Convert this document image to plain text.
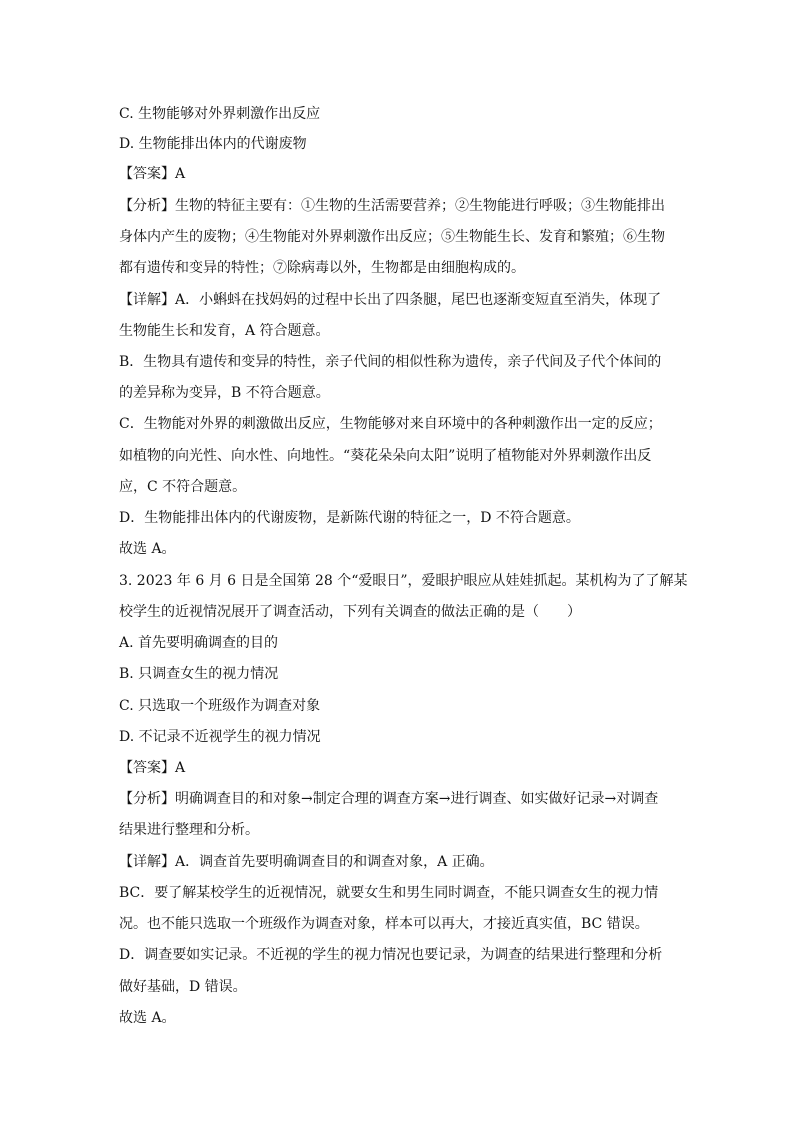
C. 生物能够对外界刺激作出反应
D. 生物能排出体内的代谢废物
【答案】A
【分析】生物的特征主要有：①生物的生活需要营养；②生物能进行呼吸；③生物能排出
身体内产生的废物；④生物能对外界刺激作出反应；⑤生物能生长、发育和繁殖；⑥生物
都有遗传和变异的特性；⑦除病毒以外，生物都是由细胞构成的。
【详解】A．小蝌蚪在找妈妈的过程中长出了四条腿，尾巴也逐渐变短直至消失，体现了
生物能生长和发育，A 符合题意。
B．生物具有遗传和变异的特性，亲子代间的相似性称为遗传，亲子代间及子代个体间的
的差异称为变异，B 不符合题意。
C．生物能对外界的刺激做出反应，生物能够对来自环境中的各种刺激作出一定的反应；
如植物的向光性、向水性、向地性。“葵花朵朵向太阳”说明了植物能对外界刺激作出反
应，C 不符合题意。
D．生物能排出体内的代谢废物，是新陈代谢的特征之一，D 不符合题意。
故选 A。
3. 2023 年 6 月 6 日是全国第 28 个“爱眼日”，爱眼护眼应从娃娃抓起。某机构为了了解某
校学生的近视情况展开了调查活动，下列有关调查的做法正确的是（　　）
A. 首先要明确调查的目的
B. 只调查女生的视力情况
C. 只选取一个班级作为调查对象
D. 不记录不近视学生的视力情况
【答案】A
【分析】明确调查目的和对象→制定合理的调查方案→进行调查、如实做好记录→对调查
结果进行整理和分析。
【详解】A．调查首先要明确调查目的和调查对象，A 正确。
BC．要了解某校学生的近视情况，就要女生和男生同时调查，不能只调查女生的视力情
况。也不能只选取一个班级作为调查对象，样本可以再大，才接近真实值，BC 错误。
D．调查要如实记录。不近视的学生的视力情况也要记录，为调查的结果进行整理和分析
做好基础，D 错误。
故选 A。
